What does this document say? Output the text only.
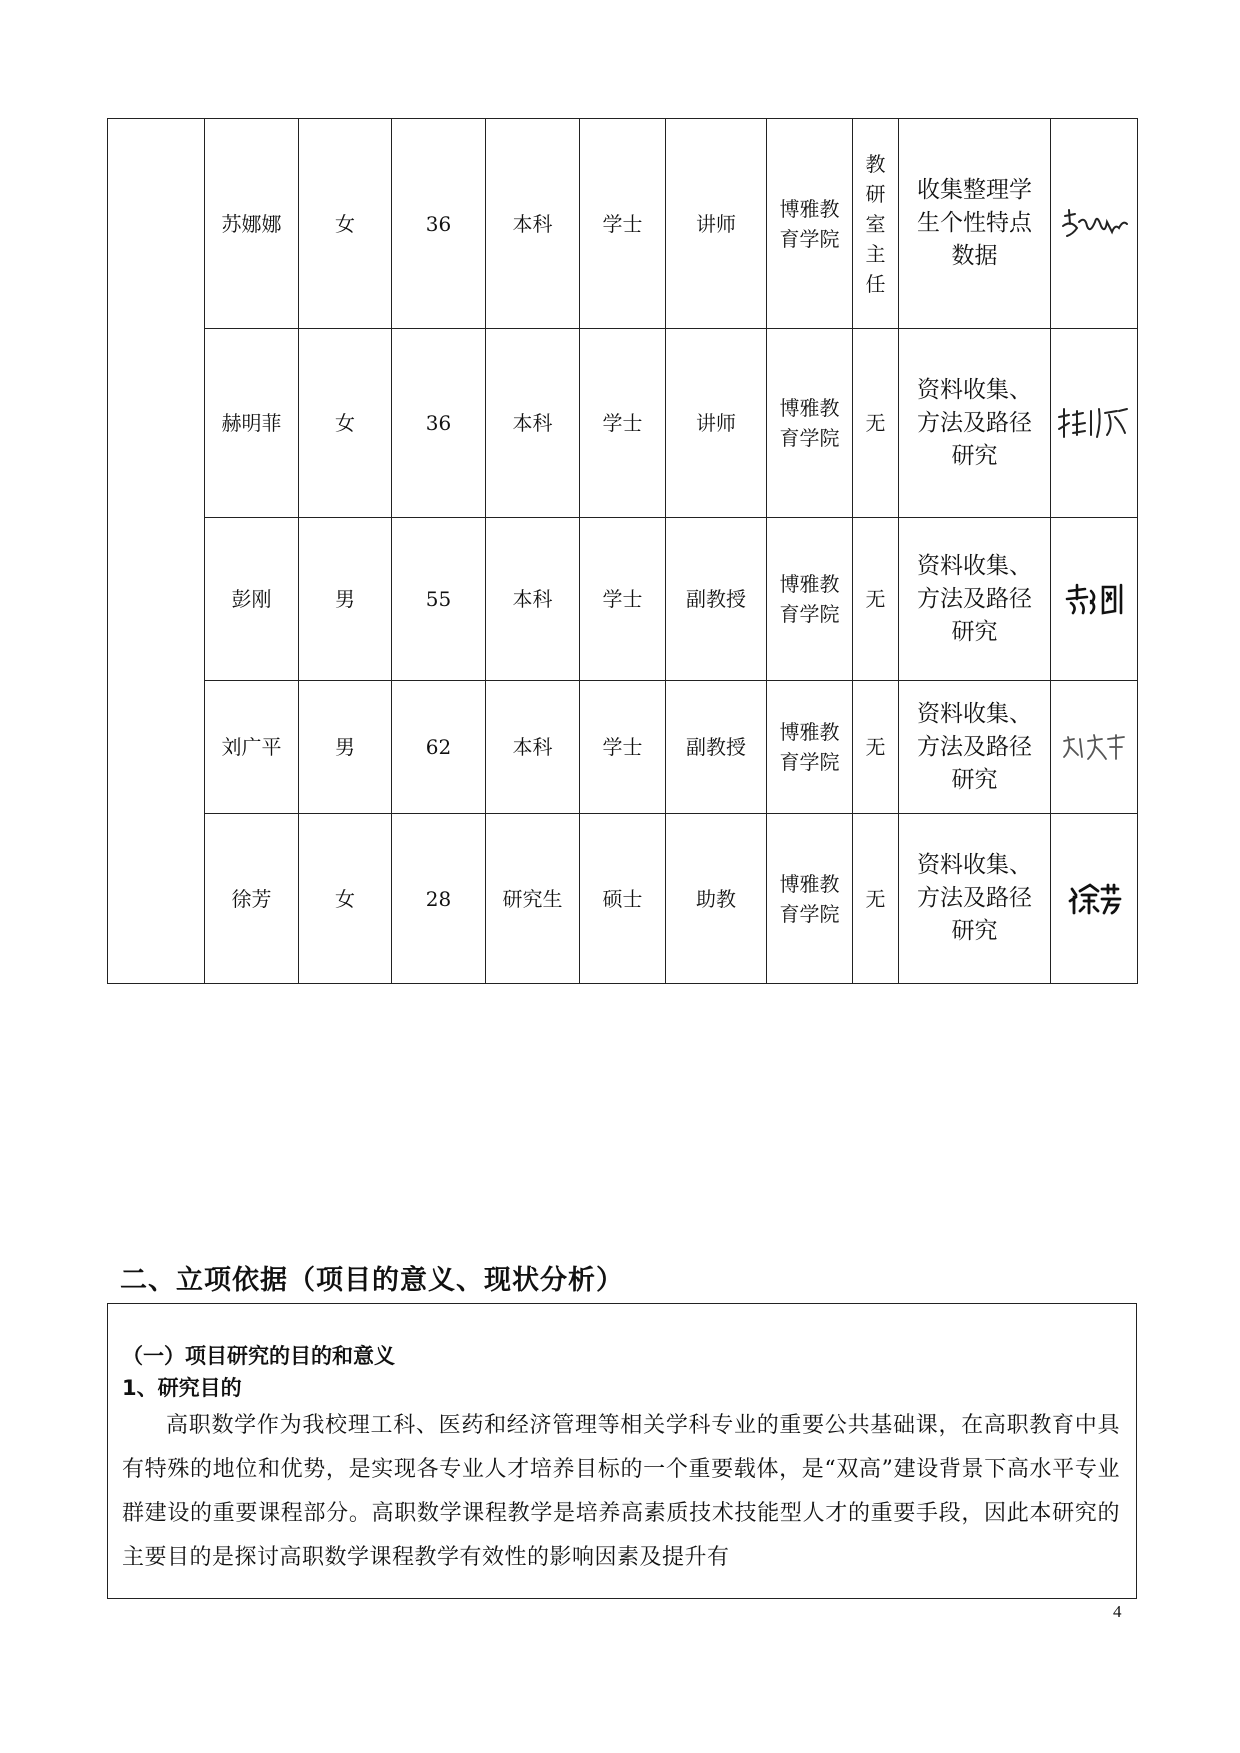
	苏娜娜	女	36	本科	学士	讲师	博雅教育学院	教研室主任	收集整理学生个性特点数据

	赫明菲	女	36	本科	学士	讲师	博雅教育学院	无	资料收集、方法及路径研究

	彭刚	男	55	本科	学士	副教授	博雅教育学院	无	资料收集、方法及路径研究

	刘广平	男	62	本科	学士	副教授	博雅教育学院	无	资料收集、方法及路径研究

	徐芳	女	28	研究生	硕士	助教	博雅教育学院	无	资料收集、方法及路径研究

二、立项依据（项目的意义、现状分析）

（一）项目研究的目的和意义

1、研究目的

高职数学作为我校理工科、医药和经济管理等相关学科专业的重要公共基础课，在高职教育中具有特殊的地位和优势，是实现各专业人才培养目标的一个重要载体，是“双高”建设背景下高水平专业群建设的重要课程部分。高职数学课程教学是培养高素质技术技能型人才的重要手段，因此本研究的主要目的是探讨高职数学课程教学有效性的影响因素及提升有

4
